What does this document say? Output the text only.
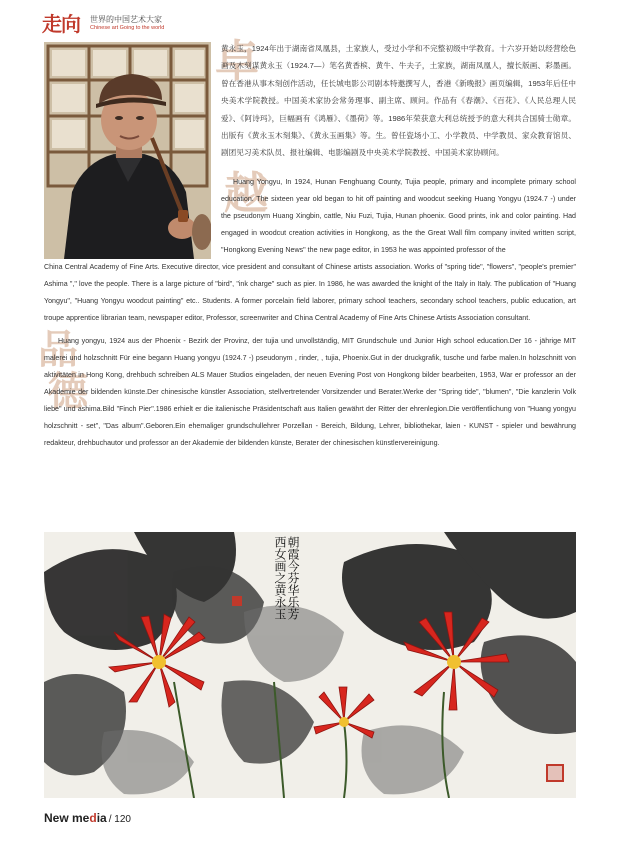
走向 世界的中国艺术大家
Chinese art Going to the world
卓
越
品
德

黄永玉，1924年出于湖南省凤凰县，土家族人，受过小学和不完整初级中学教育。十六岁开始以经营绘色画及木刻谋黄永玉（1924.7—）笔名黄香槟、黄牛、牛夫子，土家族，湖南凤凰人，擅长版画、彩墨画。曾在香港从事木刻创作活动，任长城电影公司剧本特邀撰写人，香港《新晚报》画页编辑，1953年后任中央美术学院教授。中国美术家协会常务理事、副主席、顾问。作品有《春潮》、《百花》、《人民总理人民爱》、《阿诗玛》，巨幅画有《鸿雁》、《墨荷》等。1986年荣获意大利总统授予的意大利共合国骑士勋章。出版有《黄永玉木刻集》、《黄永玉画集》等。生。曾任瓷场小工、小学教员、中学教员、家众教育馆员、剧团见习美术队员、报社编辑、电影编剧及中央美术学院教授、中国美术家协顾问。

Huang Yongyu, In 1924, Hunan Fenghuang County, Tujia people, primary and incomplete primary school education. The sixteen year old began to hit off painting and woodcut seeking Huang Yongyu (1924.7 -) under the pseudonym Huang Xingbin, cattle, Niu Fuzi, Tujia, Hunan phoenix. Good prints, ink and color painting. Had engaged in woodcut creation activities in Hongkong, as the the Great Wall film company invited written script, "Hongkong Evening News" the new page editor, in 1953 he was appointed professor of the

China Central Academy of Fine Arts. Executive director, vice president and consultant of Chinese artists association. Works of "spring tide", "flowers", "people's premier" Ashima "," love the people. There is a large picture of "bird", "ink charge" such as pier. In 1986, he was awarded the knight of the Italy in Italy. The publication of "Huang Yongyu", "Huang Yongyu woodcut painting" etc.. Students. A former porcelain field laborer, primary school teachers, secondary school teachers, public education, art troupe apprentice librarian team, newspaper editor, Professor, screenwriter and China Central Academy of Fine Arts Chinese Artists Association consultant.

Huang yongyu, 1924 aus der Phoenix - Bezirk der Provinz, der tujia und unvollständig, MIT Grundschule und Junior High school education.Der 16 - jährige MIT malerei und holzschnitt Für eine begann Huang yongyu (1924.7 -) pseudonym , rinder, , tujia, Phoenix.Gut in der druckgrafik, tusche und farbe malen.In holzschnitt von aktivitäten in Hong Kong, drehbuch schreiben ALS Mauer Studios eingeladen, der neuen Evening Post von Hongkong bilder bearbeiten, 1953, War er professor an der Akademie der bildenden künste.Der chinesische künstler Association, stellvertretender Vorsitzender und Berater.Werke der "Spring tide", "blumen", "Die kanzlerin Volk liebe" und ashima.Bild "Finch Pier".1986 erhielt er die italienische Präsidentschaft aus Italien gewährt der Ritter der ehrenlegion.Die veröffentlichung von "Huang yongyu holzschnitt - set", "Das album".Geboren.Ein ehemaliger grundschullehrer Porzellan - Bereich, Bildung, Lehrer, bibliothekar, laien - KUNST - spieler und bewährung redakteur, drehbuchautor und professor an der Akademie der bildenden künste, Berater der chinesischen künstlervereinigung.

朝霞今芬华乐芳西女画之黄永玉
New media / 120
